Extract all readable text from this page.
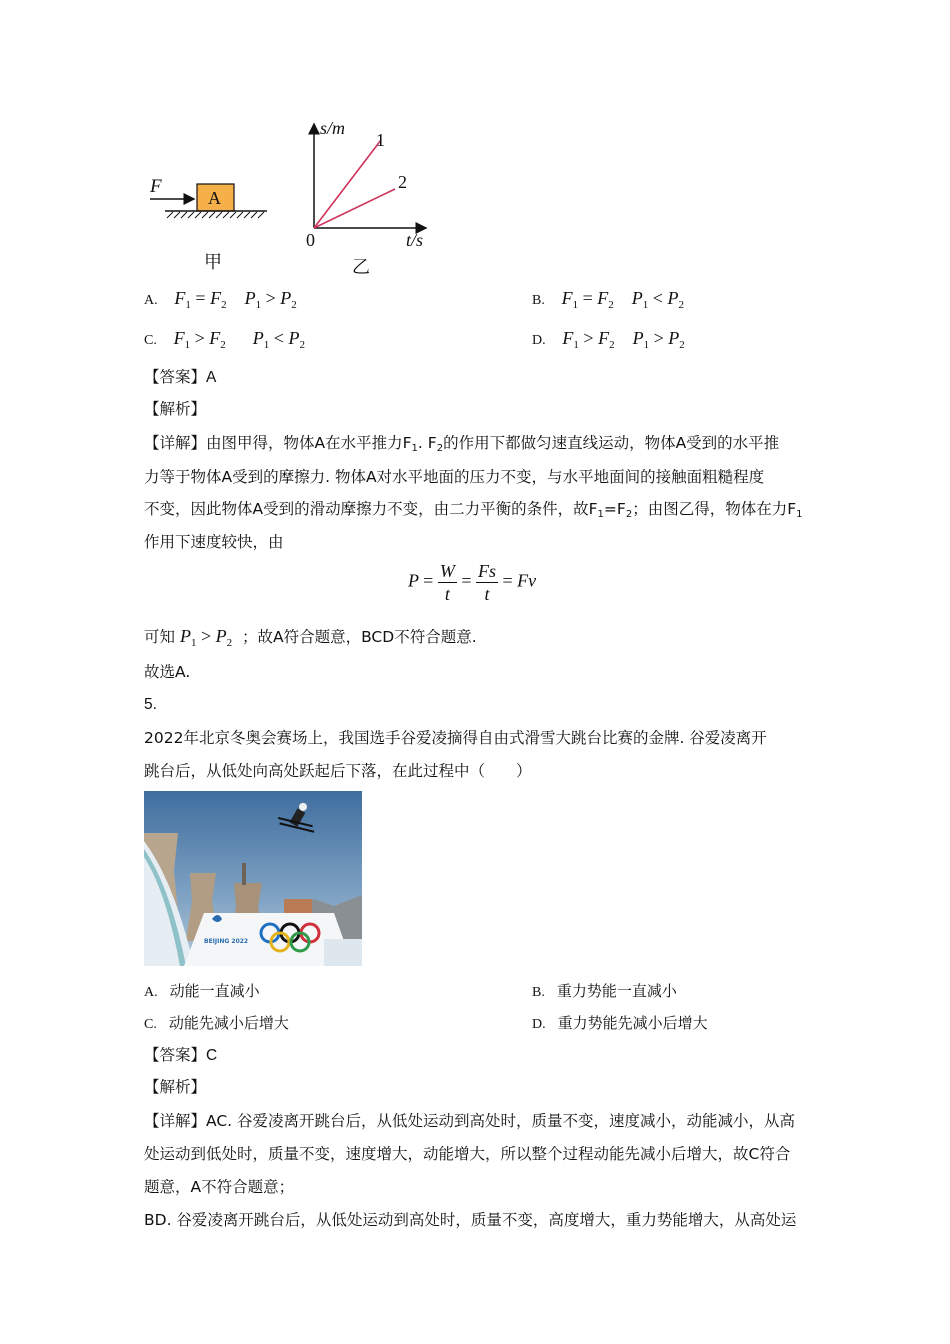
F
A
甲
s/m
1
2
0	t/s
乙
A. $F_1 = F_2$    $P_1 > P_2$	B. $F_1 = F_2$    $P_1 < P_2$
C. $F_1 > F_2$      $P_1 < P_2$	D. $F_1 > F_2$    $P_1 > P_2$
【答案】A
【解析】
【详解】由图甲得，物体A在水平推力$F_1$. $F_2$的作用下都做匀速直线运动，物体A受到的水平推
力等于物体A受到的摩擦力. 物体A对水平地面的压力不变，与水平地面间的接触面粗糙程度
不变，因此物体A受到的滑动摩擦力不变，由二力平衡的条件，故$F_1=F_2$；由图乙得，物体在力$F_1$
作用下速度较快，由
$P = \frac{W}{t} = \frac{Fs}{t} = Fv$
可知 $P_1 > P_2$ ；故A符合题意，BCD不符合题意.
故选A.
5.
2022年北京冬奥会赛场上，我国选手谷爱凌摘得自由式滑雪大跳台比赛的金牌. 谷爱凌离开
跳台后，从低处向高处跃起后下落，在此过程中（　　）
BEIJING 2022
A. 动能一直减小	B. 重力势能一直减小
C. 动能先减小后增大	D. 重力势能先减小后增大
【答案】C
【解析】
【详解】AC. 谷爱凌离开跳台后，从低处运动到高处时，质量不变，速度减小，动能减小，从高
处运动到低处时，质量不变，速度增大，动能增大，所以整个过程动能先减小后增大，故C符合
题意，A不符合题意；
BD. 谷爱凌离开跳台后，从低处运动到高处时，质量不变，高度增大，重力势能增大，从高处运
